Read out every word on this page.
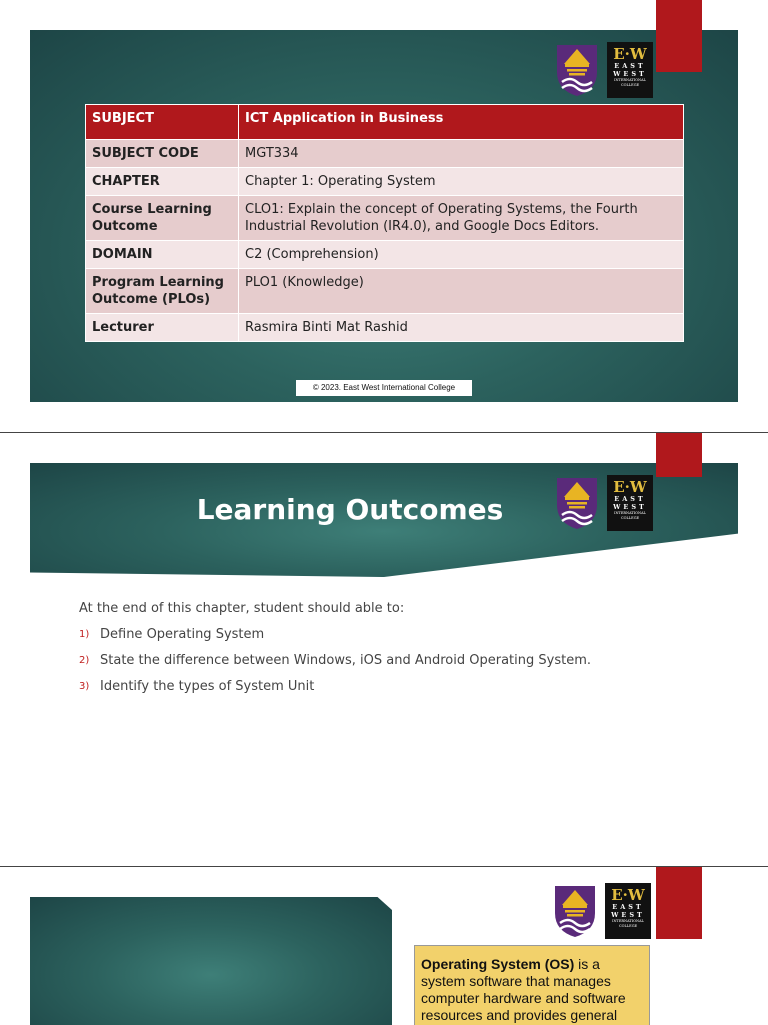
E·W
EAST
WEST
INTERNATIONAL
COLLEGE
SUBJECT	ICT Application in Business
SUBJECT CODE	MGT334
CHAPTER	Chapter 1: Operating System
Course Learning Outcome	CLO1: Explain the concept of Operating Systems, the Fourth Industrial Revolution (IR4.0), and Google Docs Editors.
DOMAIN	C2 (Comprehension)
Program Learning Outcome (PLOs)	PLO1 (Knowledge)
Lecturer	Rasmira Binti Mat Rashid
© 2023. East West International College
Learning Outcomes
E·W
EAST
WEST
INTERNATIONAL
COLLEGE
At the end of this chapter, student should able to:
1) Define Operating System
2) State the difference between Windows, iOS and Android Operating System.
3) Identify the types of System Unit
E·W
EAST
WEST
INTERNATIONAL
COLLEGE
Operating System (OS) is a system software that manages computer hardware and software resources and provides general
